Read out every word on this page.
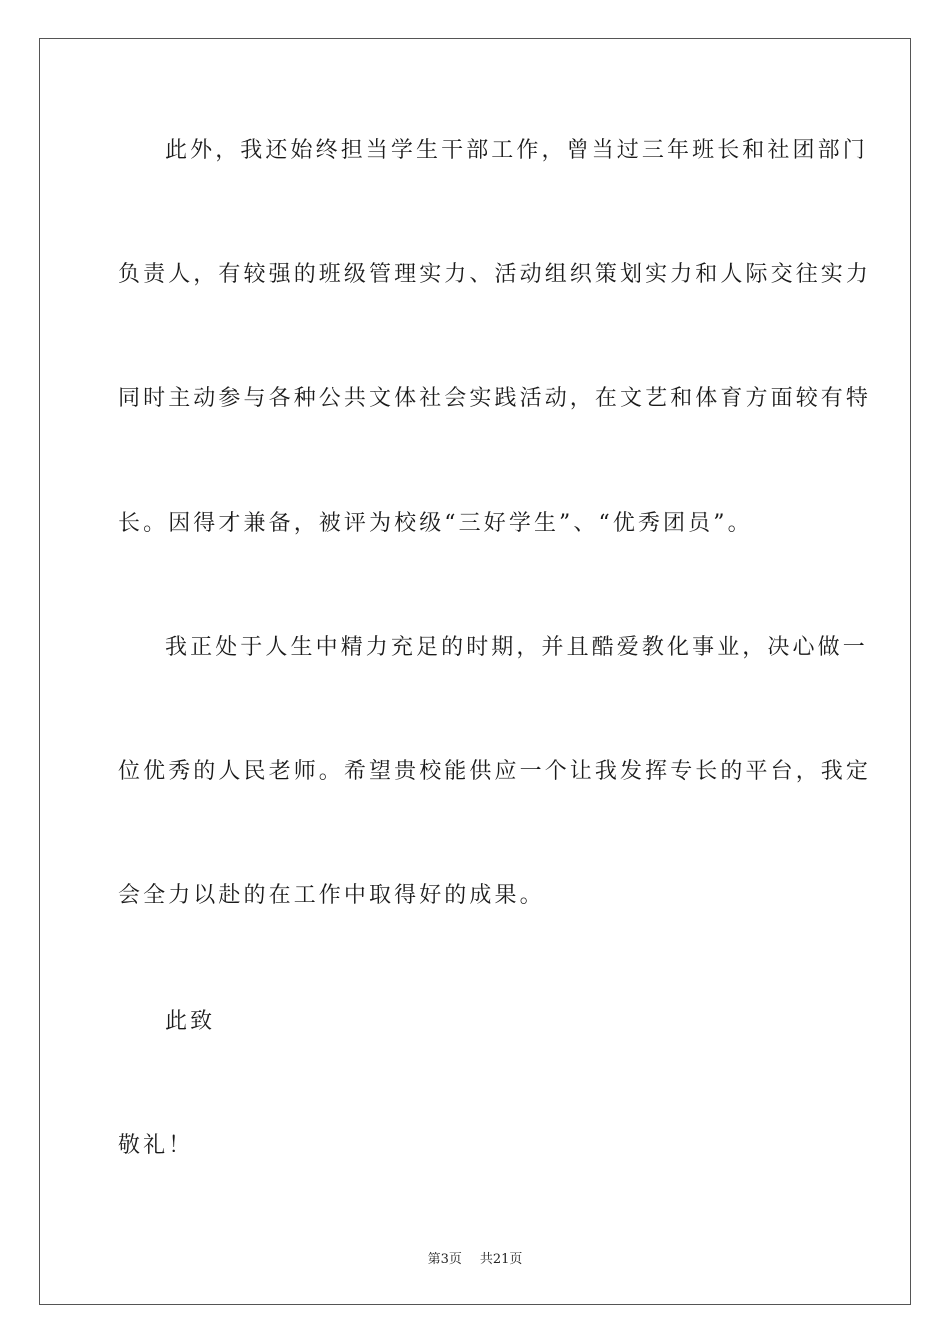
此外，我还始终担当学生干部工作，曾当过三年班长和社团部门
负责人，有较强的班级管理实力、活动组织策划实力和人际交往实力
同时主动参与各种公共文体社会实践活动，在文艺和体育方面较有特
长。因得才兼备，被评为校级“三好学生”、“优秀团员”。
我正处于人生中精力充足的时期，并且酷爱教化事业，决心做一
位优秀的人民老师。希望贵校能供应一个让我发挥专长的平台，我定
会全力以赴的在工作中取得好的成果。
此致
敬礼！
第3页 共21页
